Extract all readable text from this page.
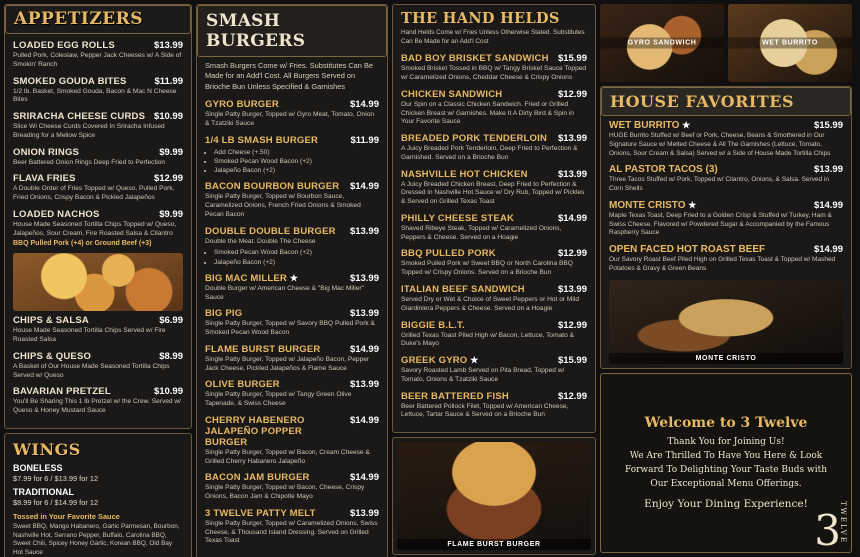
APPETIZERS
LOADED EGG ROLLS	$13.99
Pulled Pork, Coleslaw, Pepper Jack Cheeses w/ A Side of Smokin' Ranch
SMOKED GOUDA BITES	$11.99
1/2 lb. Basket, Smoked Gouda, Bacon & Mac N Cheese Bites
SRIRACHA CHEESE CURDS $10.99
Slice Wi Cheese Curds Covered In Sriracha Infused Breading for a Mellow Spice
ONION RINGS	$9.99
Beer Battered Onion Rings Deep Fried to Perfection
FLAVA FRIES	$12.99
A Double Order of Fries Topped w/ Queso, Pulled Pork, Fried Onions, Crispy Bacon & Pickled Jalapeños
LOADED NACHOS	$9.99
House Made Seasoned Tortilla Chips Topped w/ Queso, Jalapeños, Sour Cream, Fire Roasted Salsa & Cilantro
BBQ Pulled Pork (+4) or Ground Beef (+3)
CHIPS & SALSA	$6.99
House Made Seasoned Tortilla Chips Served w/ Fire Roasted Salsa
CHIPS & QUESO	$8.99
A Basket of Our House Made Seasoned Tortilla Chips Served w/ Queso
BAVARIAN PRETZEL	$10.99
You'll Be Sharing This 1 lb Pretzel w/ the Crew. Served w/ Queso & Honey Mustard Sauce
WINGS
BONELESS
$7.99 for 6 / $13.99 for 12
TRADITIONAL
$8.99 for 6 / $14.99 for 12
Tossed in Your Favorite Sauce
Sweet BBQ, Mango Habanero, Garlic Parmesan, Bourbon, Nashville Hot, Serrano Pepper, Buffalo, Carolina BBQ, Sweet Chili, Spicey Honey Garlic, Korean BBQ, Old Bay Hot Sauce
SMASH BURGERS
Smash Burgers Come w/ Fries. Substitutes Can Be Made for an Add'l Cost. All Burgers Served on Brioche Bun Unless Specified & Garnishes
GYRO BURGER	$14.99
Single Patty Burger, Topped w/ Gyro Meat, Tomato, Onion & Tzatziki Sauce
1/4 LB SMASH BURGER	$11.99
• Add Cheese (+.50)
• Smoked Pecan Wood Bacon (+2)
• Jalapeño Bacon (+2)
BACON BOURBON BURGER $14.99
Single Patty Burger, Topped w/ Bourbon Sauce, Caramelized Onions, French Fried Onions & Smoked Pecan Bacon
DOUBLE DOUBLE BURGER $13.99
Double the Meat. Double The Cheese
• Smoked Pecan Wood Bacon (+2)
• Jalapeño Bacon (+2)
BIG MAC MILLER ★	$13.99
Double Burger w/ American Cheese & "Big Mac Miller" Sauce
BIG PIG	$13.99
Single Patty Burger, Topped w/ Savory BBQ Pulled Pork & Smoked Pecan Wood Bacon
FLAME BURST BURGER	$14.99
Single Patty Burger, Topped w/ Jalapeño Bacon, Pepper Jack Cheese, Pickled Jalapeños & Flame Sauce
OLIVE BURGER	$13.99
Single Patty Burger, Topped w/ Tangy Green Olive Tapenade, & Swiss Cheese
CHERRY HABENERO JALAPEÑO POPPER BURGER
$14.99
Single Patty Burger, Topped w/ Bacon, Cream Cheese & Grilled Cherry Habanero Jalapeño
BACON JAM BURGER	$14.99
Single Patty Burger, Topped w/ Bacon, Cheese, Crispy Onions, Bacon Jam & Chipotle Mayo
3 TWELVE PATTY MELT	$13.99
Single Patty Burger, Topped w/ Caramelized Onions, Swiss Cheese, & Thousand Island Dressing. Served on Grilled Texas Toast
THE HAND HELDS
Hand Helds Come w/ Fries Unless Otherwise Stated. Substitutes Can Be Made for an Add'l Cost
BAD BOY BRISKET SANDWICH $15.99
Smoked Brisket Tossed in BBQ w/ Tangy Brisket Sauce Topped w/ Caramelized Onions, Cheddar Cheese & Crispy Onions
CHICKEN SANDWICH	$12.99
Our Spin on a Classic Chicken Sandwich. Fried or Grilled Chicken Breast w/ Garnishes. Make It A Dirty Bird & Spin in Your Favorite Sauce
BREADED PORK TENDERLOIN $13.99
A Juicy Breaded Pork Tenderloin, Deep Fried to Perfection & Garnished. Served on a Brioche Bun
NASHVILLE HOT CHICKEN	$13.99
A Juicy Breaded Chicken Breast, Deep Fried to Perfection & Dressed in Nashville Hot Sauce w/ Dry Rub, Topped w/ Pickles & Served on Grilled Texas Toast
PHILLY CHEESE STEAK	$14.99
Shaved Ribeye Steak, Topped w/ Caramelized Onions, Peppers & Cheese. Served on a Hoagie
BBQ PULLED PORK	$12.99
Smoked Pulled Pork w/ Sweet BBQ or North Carolina BBQ Topped w/ Crispy Onions. Served on a Brioche Bun
ITALIAN BEEF SANDWICH	$13.99
Served Dry or Wet & Choice of Sweet Peppers or Hot or Mild Giardiniera Peppers & Cheese. Served on a Hoagie
BIGGIE B.L.T.	$12.99
Grilled Texas Toast Piled High w/ Bacon, Lettuce, Tomato & Duke's Mayo
GREEK GYRO ★	$15.99
Savory Roasted Lamb Served on Pita Bread, Topped w/ Tomato, Onions & Tzatziki Sauce
BEER BATTERED FISH	$12.99
Beer Battered Pollock Filet, Topped w/ American Cheese, Lettuce, Tartar Sauce & Served on a Brioche Bun
FLAME BURST BURGER
GYRO SANDWICH	WET BURRITO
HOUSE FAVORITES
WET BURRITO ★	$15.99
HUGE Burrito Stuffed w/ Beef or Pork, Cheese, Beans & Smothered in Our Signature Sauce w/ Melted Cheese & All The Garnishes (Lettuce, Tomato, Onions, Sour Cream & Salsa) Served w/ a Side of House Made Tortilla Chips
AL PASTOR TACOS (3)	$13.99
Three Tacos Stuffed w/ Pork, Topped w/ Cilantro, Onions, & Salsa. Served in Corn Shells
MONTE CRISTO ★	$14.99
Maple Texas Toast, Deep Fried to a Golden Crisp & Stuffed w/ Turkey, Ham & Swiss Cheese. Flavored w/ Powdered Sugar & Accompanied by the Famous Raspberry Sauce
OPEN FACED HOT ROAST BEEF	$14.99
Our Savory Roast Beef Piled High on Grilled Texas Toast & Topped w/ Mashed Potatoes & Gravy & Green Beans
MONTE CRISTO
Welcome to 3 Twelve

Thank You for Joining Us!

We Are Thrilled To Have You Here & Look

Forward To Delighting Your Taste Buds with

Our Exceptional Menu Offerings.

Enjoy Your Dining Experience!
3
TWELVE
